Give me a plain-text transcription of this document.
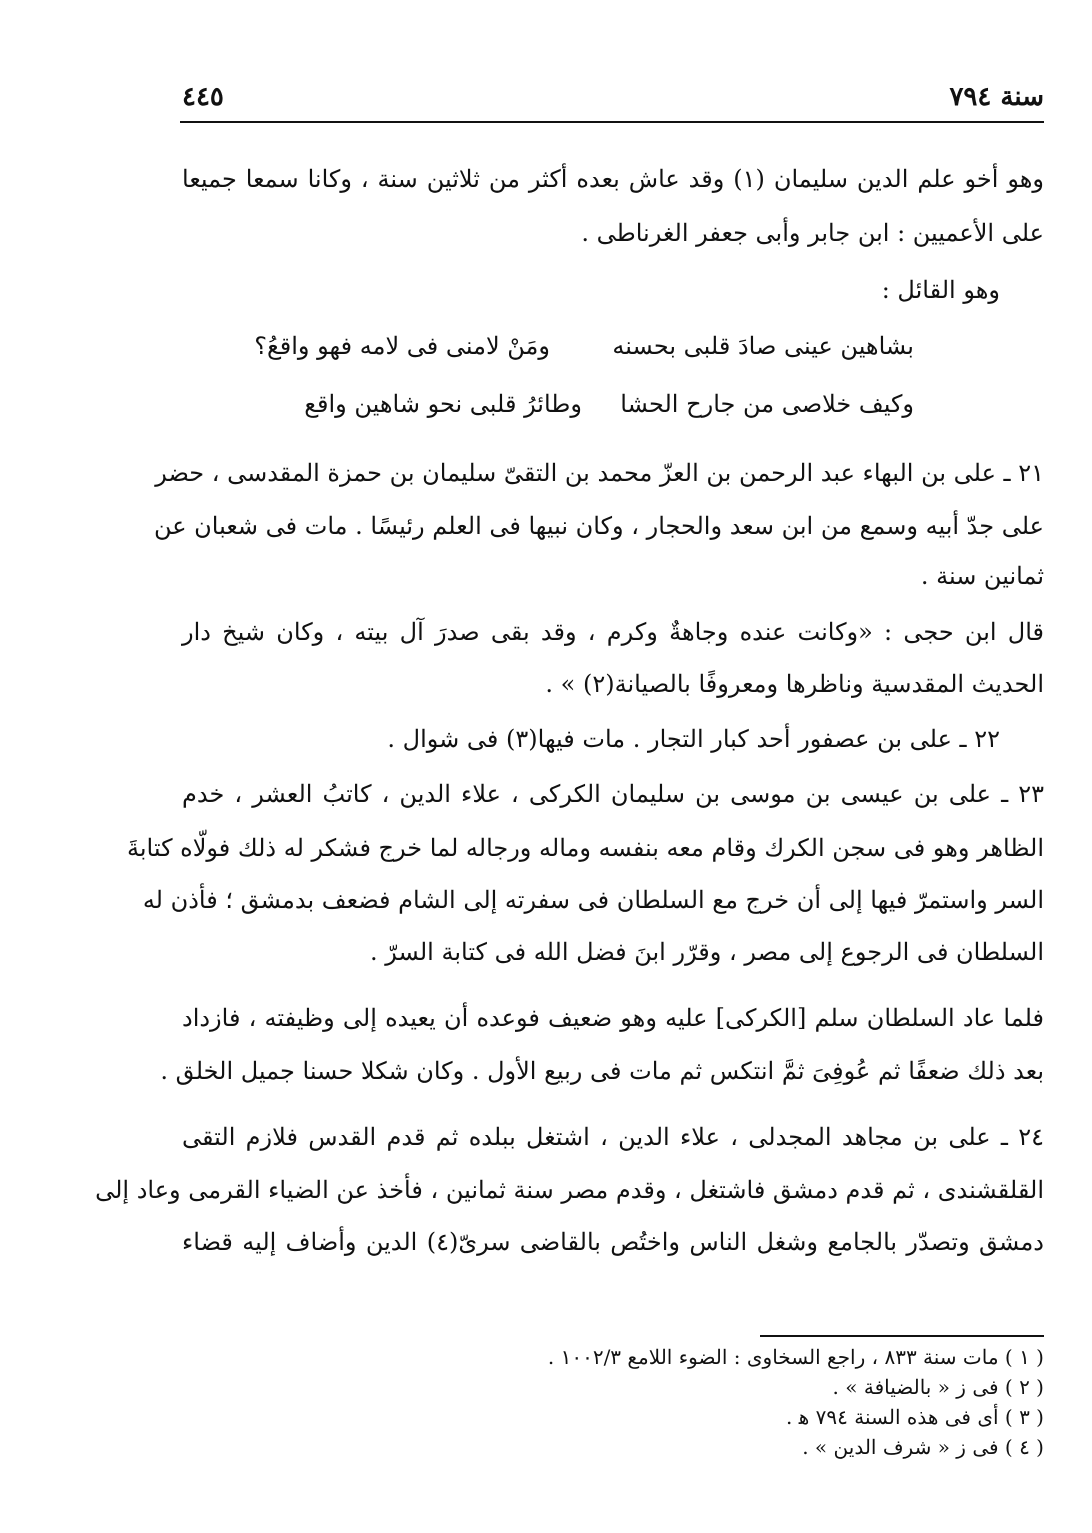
سنة ٧٩٤
٤٤٥
وهو أخو علم الدين سليمان (١) وقد عاش بعده أكثر من ثلاثين سنة ، وكانا سمعا جميعا
على الأعميين : ابن جابر وأبى جعفر الغرناطى .
وهو القائل :
بشاهين عينى صادَ قلبى بحسنه
ومَنْ لامنى فى لامه فهو واقعُ؟
وكيف خلاصى من جارح الحشا
وطائرُ قلبى نحو شاهين واقع
٢١ ـ على بن البهاء عبد الرحمن بن العزّ محمد بن التقىّ سليمان بن حمزة المقدسى ، حضر
على جدّ أبيه وسمع من ابن سعد والحجار ، وكان نبيها فى العلم رئيسًا . مات فى شعبان عن
ثمانين سنة .
قال ابن حجى : «وكانت عنده وجاهةٌ وكرم ، وقد بقى صدرَ آل بيته ، وكان شيخ دار
الحديث المقدسية وناظرها ومعروفًا بالصيانة(٢) » .
٢٢ ـ على بن عصفور أحد كبار التجار . مات فيها(٣) فى شوال .
٢٣ ـ على بن عيسى بن موسى بن سليمان الكركى ، علاء الدين ، كاتبُ العشر ، خدم
الظاهر وهو فى سجن الكرك وقام معه بنفسه وماله ورجاله لما خرج فشكر له ذلك فولّاه كتابةَ
السر واستمرّ فيها إلى أن خرج مع السلطان فى سفرته إلى الشام فضعف بدمشق ؛ فأذن له
السلطان فى الرجوع إلى مصر ، وقرّر ابنَ فضل الله فى كتابة السرّ .
فلما عاد السلطان سلم [الكركى] عليه وهو ضعيف فوعده أن يعيده إلى وظيفته ، فازداد
بعد ذلك ضعفًا ثم عُوفِىَ ثمَّ انتكس ثم مات فى ربيع الأول . وكان شكلا حسنا جميل الخلق .
٢٤ ـ على بن مجاهد المجدلى ، علاء الدين ، اشتغل ببلده ثم قدم القدس فلازم التقى
القلقشندى ، ثم قدم دمشق فاشتغل ، وقدم مصر سنة ثمانين ، فأخذ عن الضياء القرمى وعاد إلى
دمشق وتصدّر بالجامع وشغل الناس واختُص بالقاضى سرىّ(٤) الدين وأضاف إليه قضاء
( ١ ) مات سنة ٨٣٣ ، راجع السخاوى : الضوء اللامع ١٠٠٢/٣ .
( ٢ ) فى ز « بالضيافة » .
( ٣ ) أى فى هذه السنة ٧٩٤ ﻫ .
( ٤ ) فى ز « شرف الدين » .
